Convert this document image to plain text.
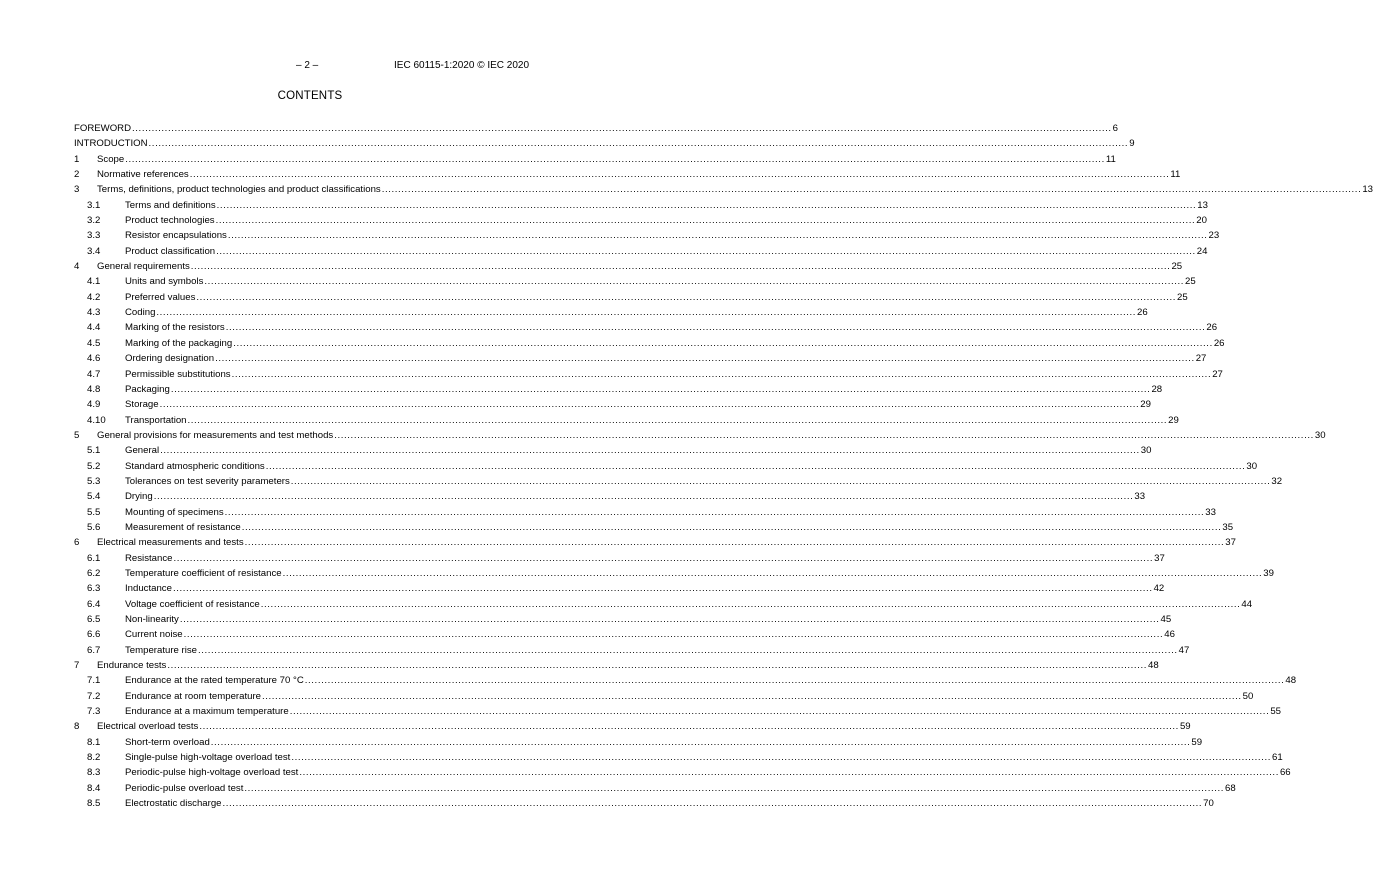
– 2 –	IEC 60115-1:2020 © IEC 2020
CONTENTS
FOREWORD ............................................................................................................................................................................................................................................................................................................ 6
INTRODUCTION ............................................................................................................................................................................................................................................................................................................ 9
1 Scope ............................................................................................................................................................................................................................................................................................................ 11
2 Normative references ............................................................................................................................................................................................................................................................................................................ 11
3 Terms, definitions, product technologies and product classifications ............................................................................................................................................................................................................................................................................................................ 13
3.1	Terms and definitions ............................................................................................................................................................................................................................................................................................................ 13
3.2	Product technologies ............................................................................................................................................................................................................................................................................................................ 20
3.3	Resistor encapsulations ............................................................................................................................................................................................................................................................................................................ 23
3.4	Product classification ............................................................................................................................................................................................................................................................................................................ 24
4 General requirements ............................................................................................................................................................................................................................................................................................................ 25
4.1	Units and symbols ............................................................................................................................................................................................................................................................................................................ 25
4.2	Preferred values ............................................................................................................................................................................................................................................................................................................ 25
4.3	Coding ............................................................................................................................................................................................................................................................................................................ 26
4.4	Marking of the resistors ............................................................................................................................................................................................................................................................................................................ 26
4.5	Marking of the packaging ............................................................................................................................................................................................................................................................................................................ 26
4.6	Ordering designation ............................................................................................................................................................................................................................................................................................................ 27
4.7	Permissible substitutions ............................................................................................................................................................................................................................................................................................................ 27
4.8	Packaging ............................................................................................................................................................................................................................................................................................................ 28
4.9	Storage ............................................................................................................................................................................................................................................................................................................ 29
4.10 Transportation ............................................................................................................................................................................................................................................................................................................ 29
5 General provisions for measurements and test methods ............................................................................................................................................................................................................................................................................................................ 30
5.1	General ............................................................................................................................................................................................................................................................................................................ 30
5.2	Standard atmospheric conditions ............................................................................................................................................................................................................................................................................................................ 30
5.3	Tolerances on test severity parameters ............................................................................................................................................................................................................................................................................................................ 32
5.4	Drying ............................................................................................................................................................................................................................................................................................................ 33
5.5	Mounting of specimens ............................................................................................................................................................................................................................................................................................................ 33
5.6	Measurement of resistance ............................................................................................................................................................................................................................................................................................................ 35
6 Electrical measurements and tests ............................................................................................................................................................................................................................................................................................................ 37
6.1	Resistance ............................................................................................................................................................................................................................................................................................................ 37
6.2	Temperature coefficient of resistance ............................................................................................................................................................................................................................................................................................................ 39
6.3	Inductance ............................................................................................................................................................................................................................................................................................................ 42
6.4	Voltage coefficient of resistance ............................................................................................................................................................................................................................................................................................................ 44
6.5	Non-linearity ............................................................................................................................................................................................................................................................................................................ 45
6.6	Current noise ............................................................................................................................................................................................................................................................................................................ 46
6.7	Temperature rise ............................................................................................................................................................................................................................................................................................................ 47
7 Endurance tests ............................................................................................................................................................................................................................................................................................................ 48
7.1	Endurance at the rated temperature 70 °C ............................................................................................................................................................................................................................................................................................................ 48
7.2	Endurance at room temperature ............................................................................................................................................................................................................................................................................................................ 50
7.3	Endurance at a maximum temperature ............................................................................................................................................................................................................................................................................................................ 55
8 Electrical overload tests ............................................................................................................................................................................................................................................................................................................ 59
8.1	Short-term overload ............................................................................................................................................................................................................................................................................................................ 59
8.2	Single-pulse high-voltage overload test ............................................................................................................................................................................................................................................................................................................ 61
8.3	Periodic-pulse high-voltage overload test ............................................................................................................................................................................................................................................................................................................ 66
8.4	Periodic-pulse overload test ............................................................................................................................................................................................................................................................................................................ 68
8.5	Electrostatic discharge ............................................................................................................................................................................................................................................................................................................ 70
